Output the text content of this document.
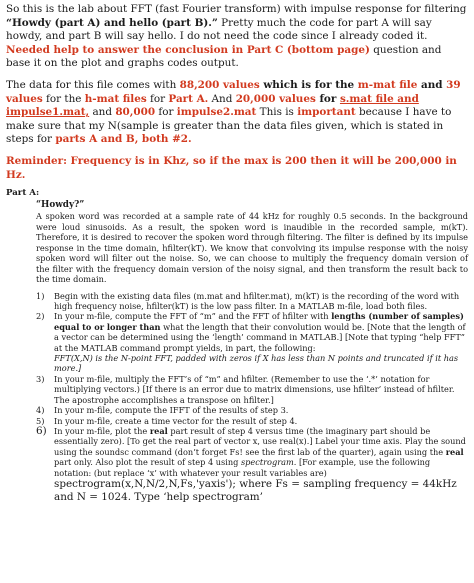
So this is the lab about FFT (fast Fourier transform) with impulse response for filtering “Howdy (part A) and hello (part B).” Pretty much the code for part A will say howdy, and part B will say hello. I do not need the code since I already coded it. Needed help to answer the conclusion in Part C (bottom page) question and base it on the plot and graphs codes output.

The data for this file comes with 88,200 values which is for the m-mat file and 39 values for the h-mat files for Part A. And 20,000 values for s.mat file and impulse1.mat, and 80,000 for impulse2.mat This is important because I have to make sure that my N(sample is greater than the data files given, which is stated in steps for parts A and B, both #2.

Reminder: Frequency is in Khz, so if the max is 200 then it will be 200,000 in Hz.

Part A:
“Howdy?”

A spoken word was recorded at a sample rate of 44 kHz for roughly 0.5 seconds. In the background were loud sinusoids. As a result, the spoken word is inaudible in the recorded sample, m(kT). Therefore, it is desired to recover the spoken word through filtering. The filter is defined by its impulse response in the time domain, hfilter(kT). We know that convolving its impulse response with the noisy spoken word will filter out the noise. So, we can choose to multiply the frequency domain version of the filter with the frequency domain version of the noisy signal, and then transform the result back to the time domain.

1) Begin with the existing data files (m.mat and hfilter.mat), m(kT) is the recording of the word with high frequency noise, hfilter(kT) is the low pass filter. In a MATLAB m-file, load both files.
2) In your m-file, compute the FFT of “m” and the FFT of hfilter with lengths (number of samples) equal to or longer than what the length that their convolution would be. [Note that the length of a vector can be determined using the ‘length’ command in MATLAB.] [Note that typing “help FFT” at the MATLAB command prompt yields, in part, the following:
FFT(X,N) is the N-point FFT, padded with zeros if X has less than N points and truncated if it has more.]
3) In your m-file, multiply the FFT’s of “m” and hfilter. (Remember to use the ‘.*’ notation for multiplying vectors.) [If there is an error due to matrix dimensions, use hfilter’ instead of hfilter. The apostrophe accomplishes a transpose on hfilter.]
4) In your m-file, compute the IFFT of the results of step 3.
5) In your m-file, create a time vector for the result of step 4.
6) In your m-file, plot the real part result of step 4 versus time (the imaginary part should be essentially zero). [To get the real part of vector x, use real(x).] Label your time axis. Play the sound using the soundsc command (don’t forget Fs! see the first lab of the quarter), again using the real part only. Also plot the result of step 4 using spectrogram. [For example, use the following notation: (but replace ‘x’ with whatever your result variables are)
spectrogram(x,N,N/2,N,Fs,'yaxis'); where Fs = sampling frequency = 44kHz and N = 1024. Type ‘help spectrogram’
